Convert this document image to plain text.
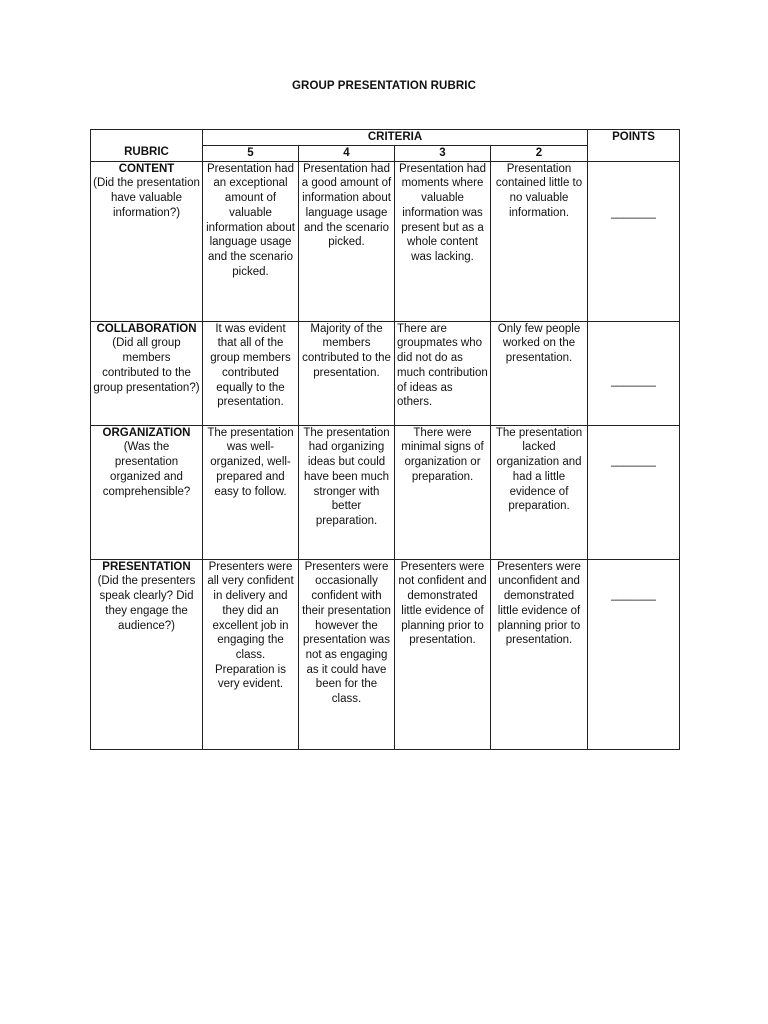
GROUP PRESENTATION RUBRIC
	CRITERIA				POINTS
RUBRIC	5	4	3	2	

CONTENT
(Did the presentation have valuable information?)	Presentation had an exceptional amount of valuable information about language usage and the scenario picked.	Presentation had a good amount of information about language usage and the scenario picked.	Presentation had moments where valuable information was present but as a whole content was lacking.	Presentation contained little to no valuable information.	_______

COLLABORATION
(Did all group members contributed to the group presentation?)	It was evident that all of the group members contributed equally to the presentation.	Majority of the members contributed to the presentation.	There are groupmates who did not do as much contribution of ideas as others.	Only few people worked on the presentation.	_______

ORGANIZATION
(Was the presentation organized and comprehensible?	The presentation was well-organized, well-prepared and easy to follow.	The presentation had organizing ideas but could have been much stronger with better preparation.	There were minimal signs of organization or preparation.	The presentation lacked organization and had a little evidence of preparation.	_______

PRESENTATION
(Did the presenters speak clearly? Did they engage the audience?)	Presenters were all very confident in delivery and they did an excellent job in engaging the class. Preparation is very evident.	Presenters were occasionally confident with their presentation however the presentation was not as engaging as it could have been for the class.	Presenters were not confident and demonstrated little evidence of planning prior to presentation.	Presenters were unconfident and demonstrated little evidence of planning prior to presentation.	_______
